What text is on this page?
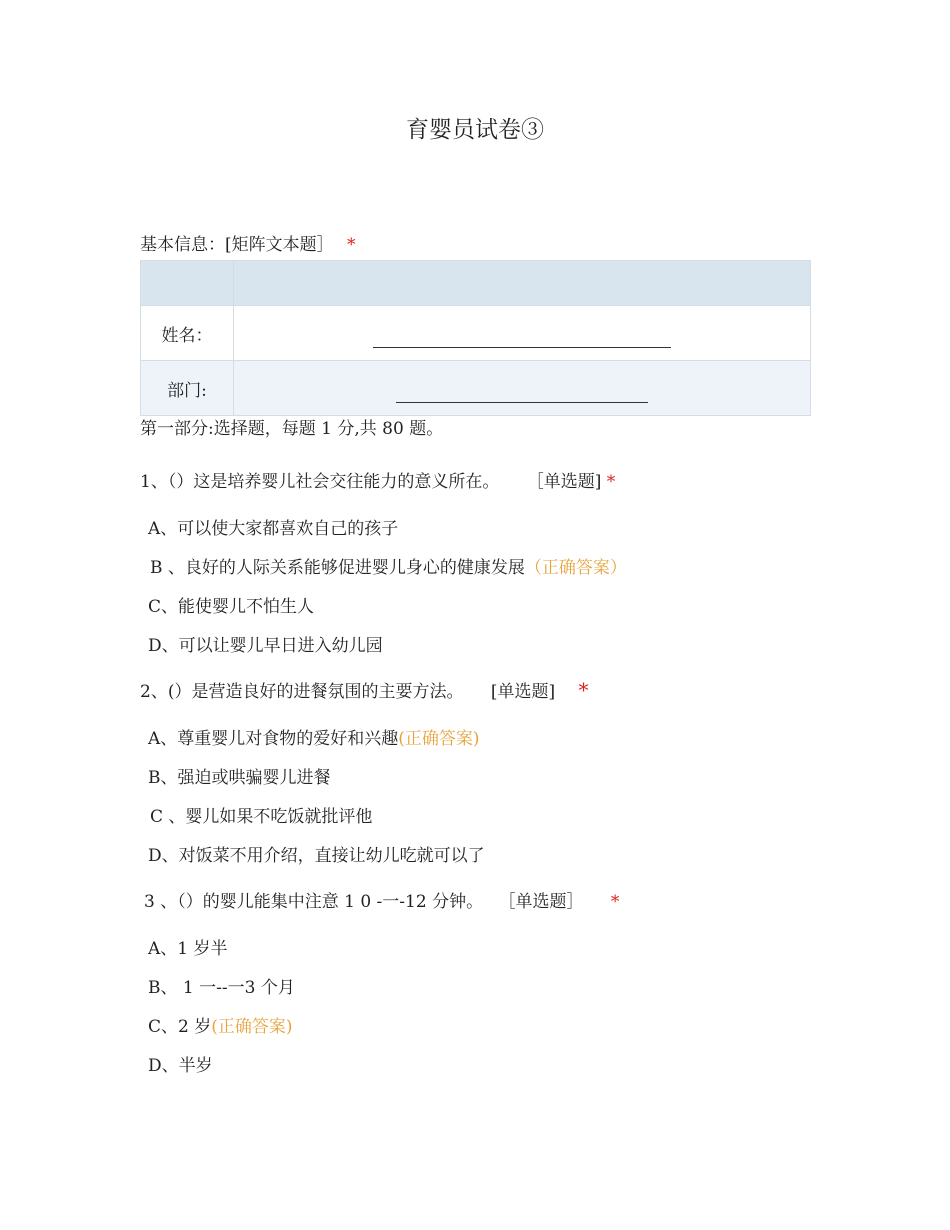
育婴员试卷③
基本信息：[矩阵文本题］ *

姓名：	

部门:	
第一部分:选择题，每题 1 分,共 80 题。
1、（）这是培养婴儿社会交往能力的意义所在。 ［单选题] *
A、可以使大家都喜欢自己的孩子
B 、良好的人际关系能够促进婴儿身心的健康发展（正确答案）
C、能使婴儿不怕生人
D、可以让婴儿早日进入幼儿园
2、(）是营造良好的进餐氛围的主要方法。 [单选题] *
A、尊重婴儿对食物的爱好和兴趣(正确答案)
B、强迫或哄骗婴儿进餐
C 、婴儿如果不吃饭就批评他
D、对饭菜不用介绍，直接让幼儿吃就可以了
3 、（）的婴儿能集中注意 1 0 -一-12 分钟。 ［单选题］ *
A、1 岁半
B、 1 一--一3 个月
C、2 岁(正确答案)
D、半岁
